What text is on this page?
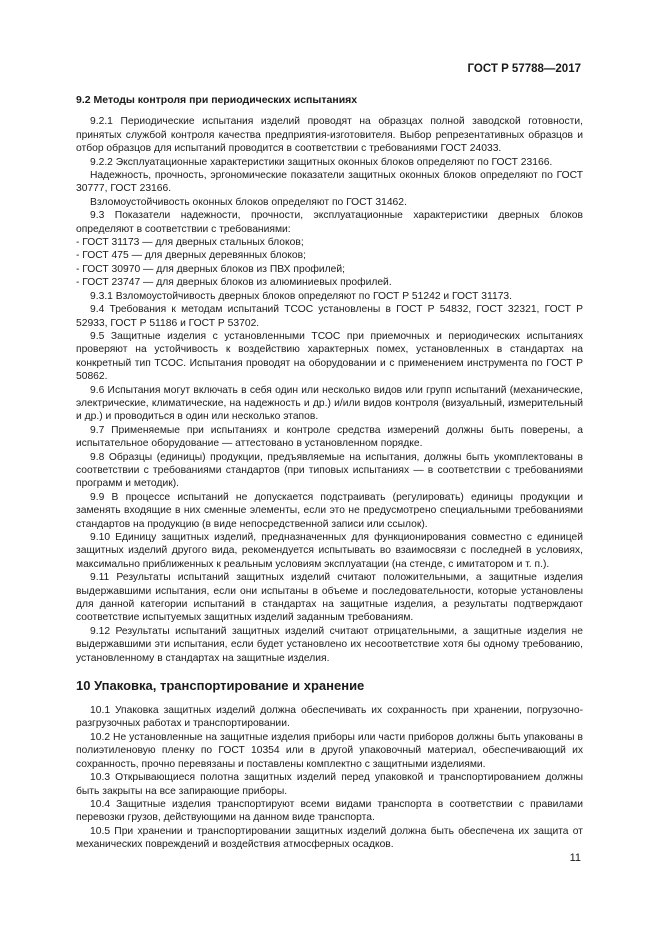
ГОСТ Р 57788—2017
9.2 Методы контроля при периодических испытаниях

9.2.1 Периодические испытания изделий проводят на образцах полной заводской готовности, принятых службой контроля качества предприятия-изготовителя. Выбор репрезентативных образцов и отбор образцов для испытаний проводится в соответствии с требованиями ГОСТ 24033.

9.2.2 Эксплуатационные характеристики защитных оконных блоков определяют по ГОСТ 23166.

Надежность, прочность, эргономические показатели защитных оконных блоков определяют по ГОСТ 30777, ГОСТ 23166.

Взломоустойчивость оконных блоков определяют по ГОСТ 31462.

9.3 Показатели надежности, прочности, эксплуатационные характеристики дверных блоков определяют в соответствии с требованиями:

- ГОСТ 31173 — для дверных стальных блоков;

- ГОСТ 475 — для дверных деревянных блоков;

- ГОСТ 30970 — для дверных блоков из ПВХ профилей;

- ГОСТ 23747 — для дверных блоков из алюминиевых профилей.

9.3.1 Взломоустойчивость дверных блоков определяют по ГОСТ Р 51242 и ГОСТ 31173.

9.4 Требования к методам испытаний ТСОС установлены в ГОСТ Р 54832, ГОСТ 32321, ГОСТ Р 52933, ГОСТ Р 51186 и ГОСТ Р 53702.

9.5 Защитные изделия с установленными ТСОС при приемочных и периодических испытаниях проверяют на устойчивость к воздействию характерных помех, установленных в стандартах на конкретный тип ТСОС. Испытания проводят на оборудовании и с применением инструмента по ГОСТ Р 50862.

9.6 Испытания могут включать в себя один или несколько видов или групп испытаний (механические, электрические, климатические, на надежность и др.) и/или видов контроля (визуальный, измерительный и др.) и проводиться в один или несколько этапов.

9.7 Применяемые при испытаниях и контроле средства измерений должны быть поверены, а испытательное оборудование — аттестовано в установленном порядке.

9.8 Образцы (единицы) продукции, предъявляемые на испытания, должны быть укомплектованы в соответствии с требованиями стандартов (при типовых испытаниях — в соответствии с требованиями программ и методик).

9.9 В процессе испытаний не допускается подстраивать (регулировать) единицы продукции и заменять входящие в них сменные элементы, если это не предусмотрено специальными требованиями стандартов на продукцию (в виде непосредственной записи или ссылок).

9.10 Единицу защитных изделий, предназначенных для функционирования совместно с единицей защитных изделий другого вида, рекомендуется испытывать во взаимосвязи с последней в условиях, максимально приближенных к реальным условиям эксплуатации (на стенде, с имитатором и т. п.).

9.11 Результаты испытаний защитных изделий считают положительными, а защитные изделия выдержавшими испытания, если они испытаны в объеме и последовательности, которые установлены для данной категории испытаний в стандартах на защитные изделия, а результаты подтверждают соответствие испытуемых защитных изделий заданным требованиям.

9.12 Результаты испытаний защитных изделий считают отрицательными, а защитные изделия не выдержавшими эти испытания, если будет установлено их несоответствие хотя бы одному требованию, установленному в стандартах на защитные изделия.

10 Упаковка, транспортирование и хранение

10.1 Упаковка защитных изделий должна обеспечивать их сохранность при хранении, погрузочно-разгрузочных работах и транспортировании.

10.2 Не установленные на защитные изделия приборы или части приборов должны быть упакованы в полиэтиленовую пленку по ГОСТ 10354 или в другой упаковочный материал, обеспечивающий их сохранность, прочно перевязаны и поставлены комплектно с защитными изделиями.

10.3 Открывающиеся полотна защитных изделий перед упаковкой и транспортированием должны быть закрыты на все запирающие приборы.

10.4 Защитные изделия транспортируют всеми видами транспорта в соответствии с правилами перевозки грузов, действующими на данном виде транспорта.

10.5 При хранении и транспортировании защитных изделий должна быть обеспечена их защита от механических повреждений и воздействия атмосферных осадков.

11
